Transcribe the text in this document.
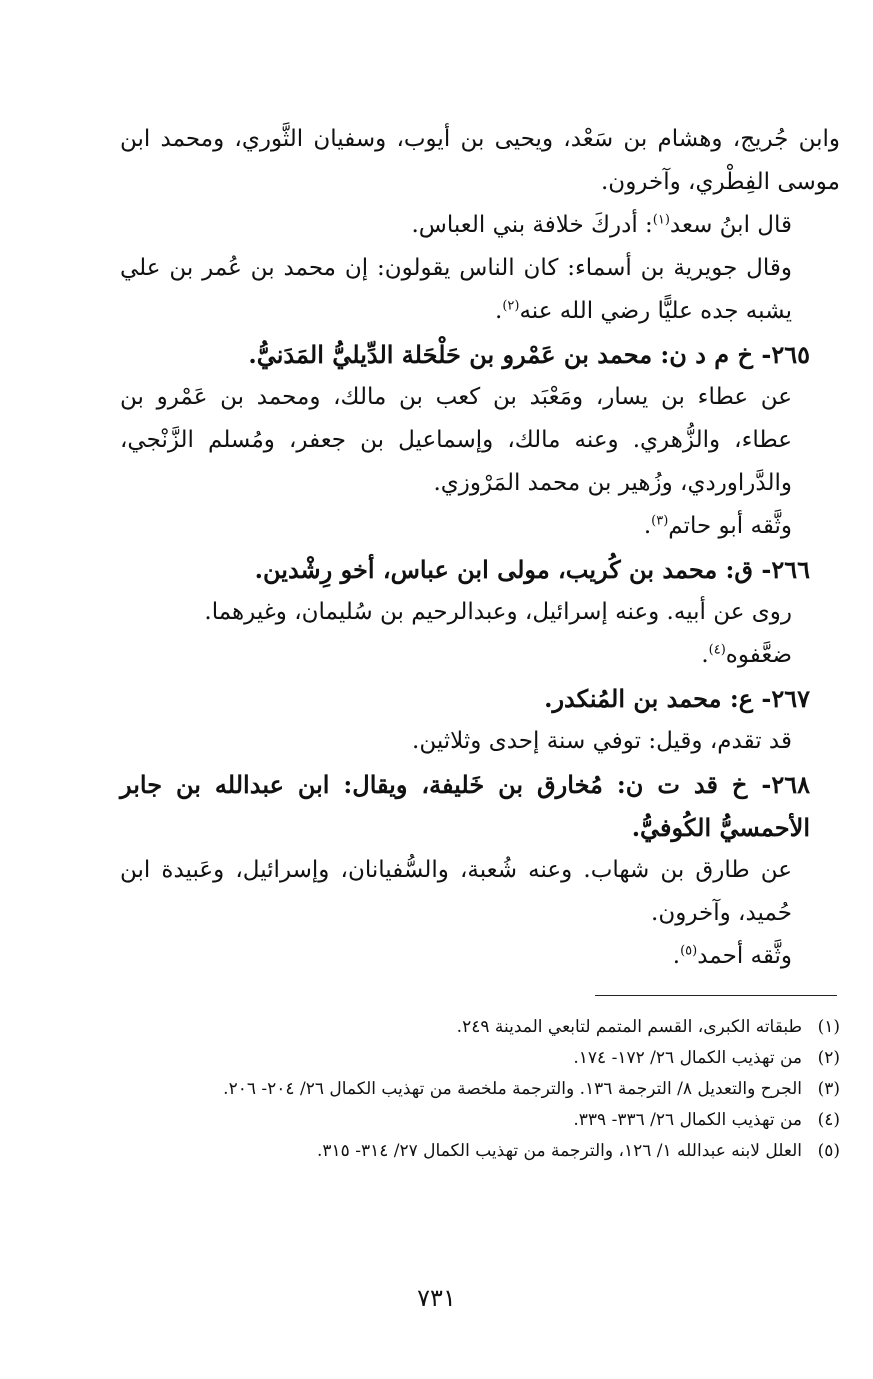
وابن جُريج، وهشام بن سَعْد، ويحيى بن أيوب، وسفيان الثَّوري، ومحمد ابن موسى الفِطْري، وآخرون.

قال ابنُ سعد$^{(١)}$: أدركَ خلافة بني العباس.

وقال جويرية بن أسماء: كان الناس يقولون: إن محمد بن عُمر بن علي يشبه جده عليًّا رضي الله عنه$^{(٢)}$.

٢٦٥- خ م د ن: محمد بن عَمْرو بن حَلْحَلة الدِّيليُّ المَدَنيُّ.

عن عطاء بن يسار، ومَعْبَد بن كعب بن مالك، ومحمد بن عَمْرو بن عطاء، والزُّهري. وعنه مالك، وإسماعيل بن جعفر، ومُسلم الزَّنْجي، والدَّراوردي، وزُهير بن محمد المَرْوزي.

وثَّقه أبو حاتم$^{(٣)}$.

٢٦٦- ق: محمد بن كُريب، مولى ابن عباس، أخو رِشْدين.

روى عن أبيه. وعنه إسرائيل، وعبدالرحيم بن سُليمان، وغيرهما.

ضعَّفوه$^{(٤)}$.

٢٦٧- ع: محمد بن المُنكدر.

قد تقدم، وقيل: توفي سنة إحدى وثلاثين.

٢٦٨- خ قد ت ن: مُخارق بن خَليفة، ويقال: ابن عبدالله بن جابر الأحمسيُّ الكُوفيُّ.

عن طارق بن شهاب. وعنه شُعبة، والسُّفيانان، وإسرائيل، وعَبيدة ابن حُميد، وآخرون.

وثَّقه أحمد$^{(٥)}$.

(١)
طبقاته الكبرى، القسم المتمم لتابعي المدينة ٢٤٩.
(٢)
من تهذيب الكمال ٢٦/ ١٧٢- ١٧٤.
(٣)
الجرح والتعديل ٨/ الترجمة ١٣٦. والترجمة ملخصة من تهذيب الكمال ٢٦/ ٢٠٤- ٢٠٦.
(٤)
من تهذيب الكمال ٢٦/ ٣٣٦- ٣٣٩.
(٥)
العلل لابنه عبدالله ١/ ١٢٦، والترجمة من تهذيب الكمال ٢٧/ ٣١٤- ٣١٥.
٧٣١
